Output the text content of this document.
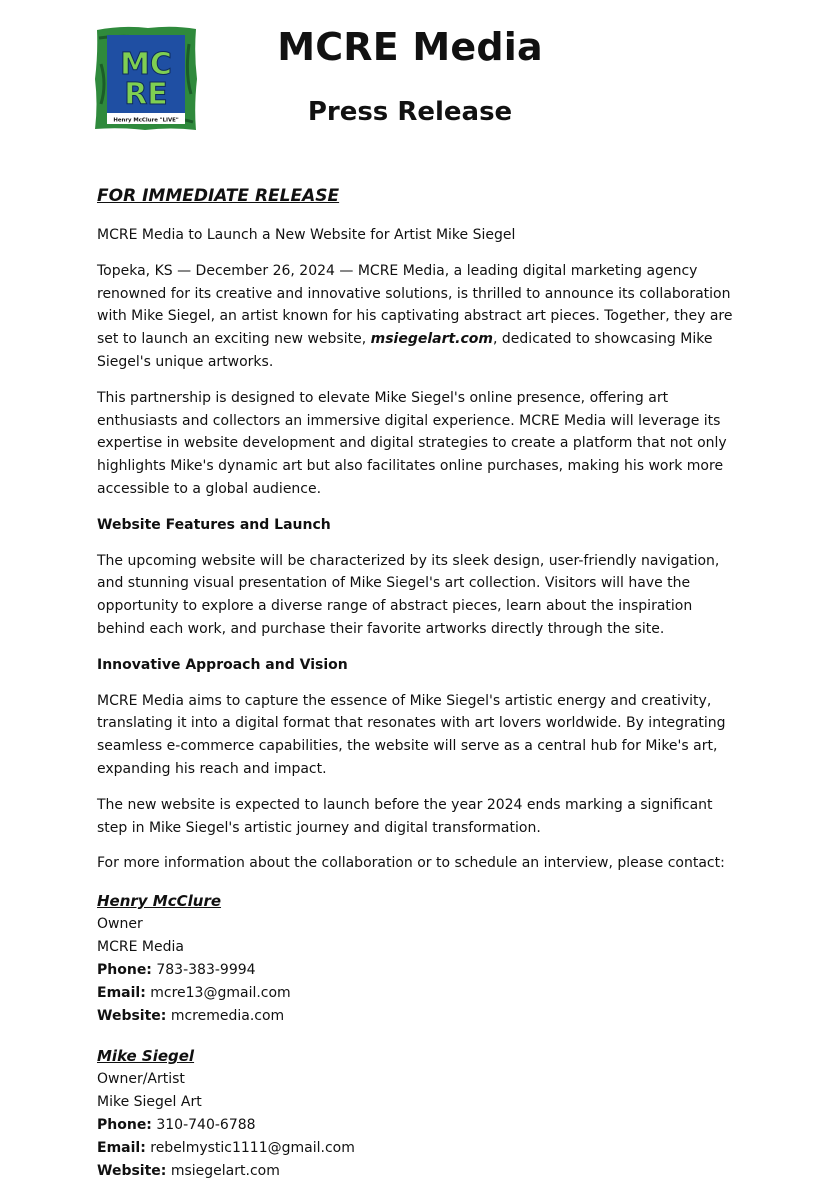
MC
RE
Henry McClure "LIVE"
MCRE Media
Press Release
FOR IMMEDIATE RELEASE

MCRE Media to Launch a New Website for Artist Mike Siegel

Topeka, KS — December 26, 2024 — MCRE Media, a leading digital marketing agency renowned for its creative and innovative solutions, is thrilled to announce its collaboration with Mike Siegel, an artist known for his captivating abstract art pieces. Together, they are set to launch an exciting new website, msiegelart.com, dedicated to showcasing Mike Siegel's unique artworks.

This partnership is designed to elevate Mike Siegel's online presence, offering art enthusiasts and collectors an immersive digital experience. MCRE Media will leverage its expertise in website development and digital strategies to create a platform that not only highlights Mike's dynamic art but also facilitates online purchases, making his work more accessible to a global audience.

Website Features and Launch

The upcoming website will be characterized by its sleek design, user-friendly navigation, and stunning visual presentation of Mike Siegel's art collection. Visitors will have the opportunity to explore a diverse range of abstract pieces, learn about the inspiration behind each work, and purchase their favorite artworks directly through the site.

Innovative Approach and Vision

MCRE Media aims to capture the essence of Mike Siegel's artistic energy and creativity, translating it into a digital format that resonates with art lovers worldwide. By integrating seamless e-commerce capabilities, the website will serve as a central hub for Mike's art, expanding his reach and impact.

The new website is expected to launch before the year 2024 ends marking a significant step in Mike Siegel's artistic journey and digital transformation.

For more information about the collaboration or to schedule an interview, please contact:

Henry McClure
Owner
MCRE Media
Phone: 783-383-9994
Email: mcre13@gmail.com
Website: mcremedia.com
Mike Siegel
Owner/Artist
Mike Siegel Art
Phone: 310-740-6788
Email: rebelmystic1111@gmail.com
Website: msiegelart.com
